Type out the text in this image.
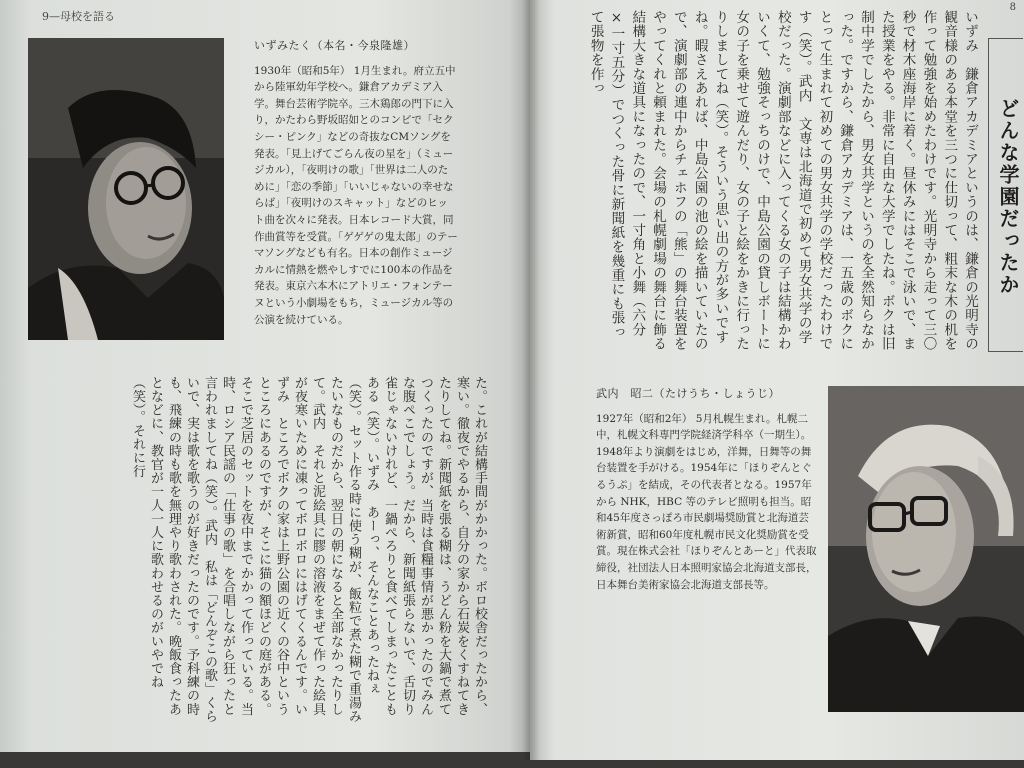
9—母校を語る
いずみたく（本名・今泉隆雄）
1930年（昭和5年） 1月生まれ。府立五中から陸軍幼年学校へ。鎌倉アカデミア入学。舞台芸術学院卒。三木鶏郎の門下に入り，かたわら野坂昭如とのコンビで「セクシー・ピンク」などの奇抜なCMソングを発表。「見上げてごらん夜の星を」（ミュージカル），「夜明けの歌」「世界は二人のために」「恋の季節」「いいじゃないの幸せならば」「夜明けのスキャット」などのヒット曲を次々に発表。日本レコード大賞，同作曲賞等を受賞。「ゲゲゲの鬼太郎」のテーマソングなども有名。日本の創作ミュージカルに情熱を燃やしすでに100本の作品を発表。東京六本木にアトリエ・フォンテーヌという小劇場をもち，ミュージカル等の公演を続けている。
た。これが結構手間がかかった。ボロ校舎だったから、寒い。徹夜でやるから、自分の家から石炭をくすねてきたりしてね。新聞紙を張る糊は、うどん粉を大鍋で煮てつくったのですが、当時は食糧事情が悪かったのでみんな腹ペこでしょう。だから、新聞紙張らないで、舌切り雀じゃないけれど、一鍋ぺろりと食べてしまったこともある（笑）。いずみ　あーっ、そんなことあったねぇ（笑）。セット作る時に使う糊が、飯粒で煮た糊で重湯みたいなものだから、翌日の朝になると全部なかったりして。武内　それと泥絵具に膠の溶液をまぜて作った絵具が夜寒いために凍ってボロボロにはげてくるんです。いずみ　ところでボクの家は上野公園の近くの谷中というところにあるのですが、そこに猫の額ほどの庭がある。そこで芝居のセットを夜中までかかって作っている。当時、ロシア民謡の「仕事の歌」を合唱しながら狂ったと言われましてね（笑）。武内　私は「どんぞこの歌」くらいで、実は歌を歌うのが好きだったのです。予科練の時も、飛練の時も歌を無理やり歌わされた。晩飯食ったあとなどに、教官が一人一人に歌わせるのがいやでね（笑）。それに行
8
いずみ　鎌倉アカデミアというのは、鎌倉の光明寺の観音様のある本堂を三つに仕切って、粗末な木の机を作って勉強を始めたわけです。光明寺から走って三〇秒で材木座海岸に着く。昼休みにはそこで泳いで、また授業をやる。非常に自由な大学でしたね。ボクは旧制中学でしたから、男女共学というのを全然知らなかった。ですから、鎌倉アカデミアは、一五歳のボクにとって生まれて初めての男女共学の学校だったわけです（笑）。武内　文専は北海道で初めて男女共学の学校だった。演劇部などに入ってくる女の子は結構かわいくて、勉強そっちのけで、中島公園の貸しボートに女の子を乗せて遊んだり、女の子と絵をかきに行ったりしましてね（笑）。そういう思い出の方が多いですね。暇さえあれば、中島公園の池の絵を描いていたので、演劇部の連中からチェホフの「熊」の舞台装置をやってくれと頼まれた。会場の札幌劇場の舞台に飾る結構大きな道具になったので、一寸角と小舞（六分×一寸五分）でつくった骨に新聞紙を幾重にも張って張物を作っ
どんな学園だったか
武内　昭二（たけうち・しょうじ）
1927年（昭和2年） 5月札幌生まれ。札幌二中，札幌文科専門学院経済学科卒（一期生）。1948年より演劇をはじめ，洋舞，日舞等の舞台装置を手がける。1954年に「ほりぞんとぐるうぷ」を結成，その代表者となる。1957年から NHK，HBC 等のテレビ照明も担当。昭和45年度さっぽろ市民劇場奨励賞と北海道芸術新賞，昭和60年度札幌市民文化奨励賞を受賞。現在株式会社「ほりぞんとあーと」代表取締役，社団法人日本照明家協会北海道支部長，日本舞台美術家協会北海道支部長等。
